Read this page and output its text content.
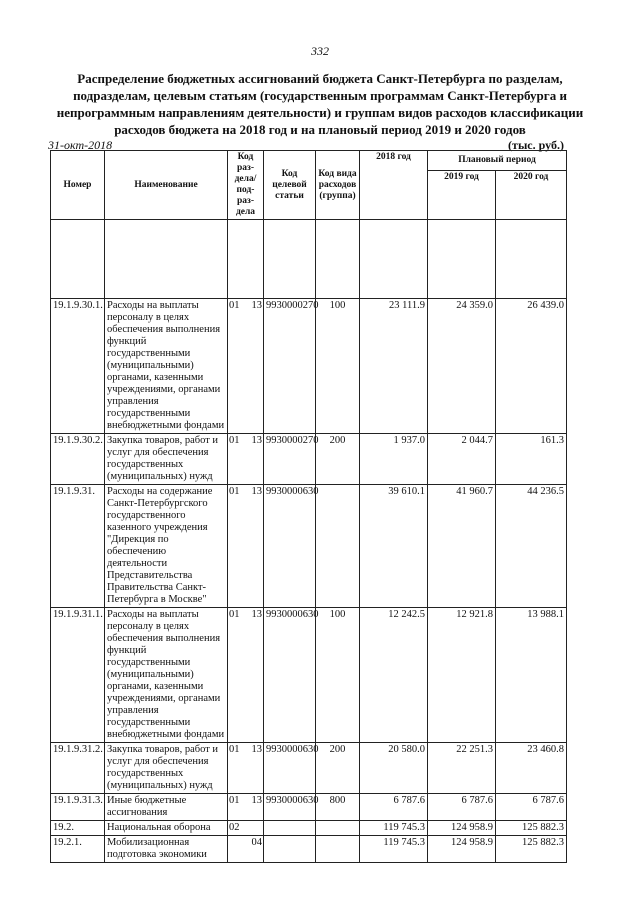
332
Распределение бюджетных ассигнований бюджета Санкт-Петербурга по разделам, подразделам, целевым статьям (государственным программам Санкт-Петербурга и непрограммным направлениям деятельности) и группам видов расходов классификации расходов бюджета на 2018 год и на плановый период 2019 и 2020 годов
31-окт-2018	(тыс. руб.)
Номер	Наименование	Код раз-дела/ под-раз-дела	Код целевой статьи	Код вида расходов (группа)	2018 год	Плановый период	
						2019 год	2020 год

19.1.9.30.1.	Расходы на выплаты персоналу в целях обеспечения выполнения функций государственными (муниципальными) органами, казенными учреждениями, органами управления государственными внебюджетными фондами	01 13	9930000270	100	23 111.9	24 359.0	26 439.0
19.1.9.30.2.	Закупка товаров, работ и услуг для обеспечения государственных (муниципальных) нужд	01 13	9930000270	200	1 937.0	2 044.7	161.3
19.1.9.31.	Расходы на содержание Санкт-Петербургского государственного казенного учреждения "Дирекция по обеспечению деятельности Представительства Правительства Санкт-Петербурга в Москве"	01 13	9930000630		39 610.1	41 960.7	44 236.5
19.1.9.31.1.	Расходы на выплаты персоналу в целях обеспечения выполнения функций государственными (муниципальными) органами, казенными учреждениями, органами управления государственными внебюджетными фондами	01 13	9930000630	100	12 242.5	12 921.8	13 988.1
19.1.9.31.2.	Закупка товаров, работ и услуг для обеспечения государственных (муниципальных) нужд	01 13	9930000630	200	20 580.0	22 251.3	23 460.8
19.1.9.31.3.	Иные бюджетные ассигнования	01 13	9930000630	800	6 787.6	6 787.6	6 787.6
19.2.	Национальная оборона	02			119 745.3	124 958.9	125 882.3
19.2.1.	Мобилизационная подготовка экономики	04			119 745.3	124 958.9	125 882.3
